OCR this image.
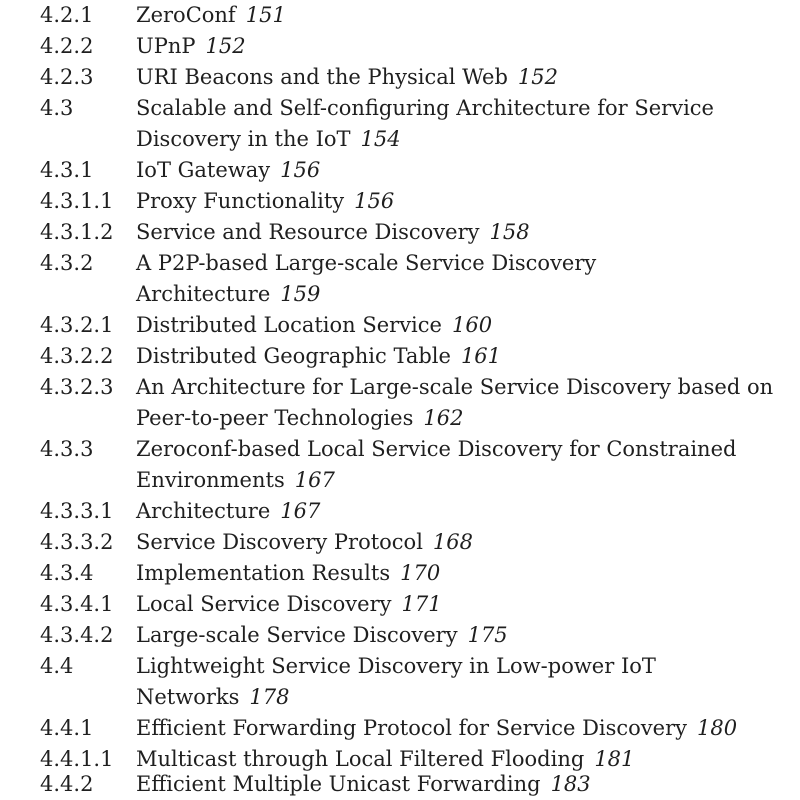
4.2.1	ZeroConf 151
4.2.2	UPnP 152
4.2.3	URI Beacons and the Physical Web 152
4.3	Scalable and Self-configuring Architecture for Service
Discovery in the IoT 154
4.3.1	IoT Gateway 156
4.3.1.1	Proxy Functionality 156
4.3.1.2	Service and Resource Discovery 158
4.3.2	A P2P-based Large-scale Service Discovery
Architecture 159
4.3.2.1	Distributed Location Service 160
4.3.2.2	Distributed Geographic Table 161
4.3.2.3	An Architecture for Large-scale Service Discovery based on
Peer-to-peer Technologies 162
4.3.3	Zeroconf-based Local Service Discovery for Constrained
Environments 167
4.3.3.1	Architecture 167
4.3.3.2	Service Discovery Protocol 168
4.3.4	Implementation Results 170
4.3.4.1	Local Service Discovery 171
4.3.4.2	Large-scale Service Discovery 175
4.4	Lightweight Service Discovery in Low-power IoT
Networks 178
4.4.1	Efficient Forwarding Protocol for Service Discovery 180
4.4.1.1	Multicast through Local Filtered Flooding 181
4.4.2	Efficient Multiple Unicast Forwarding 183
